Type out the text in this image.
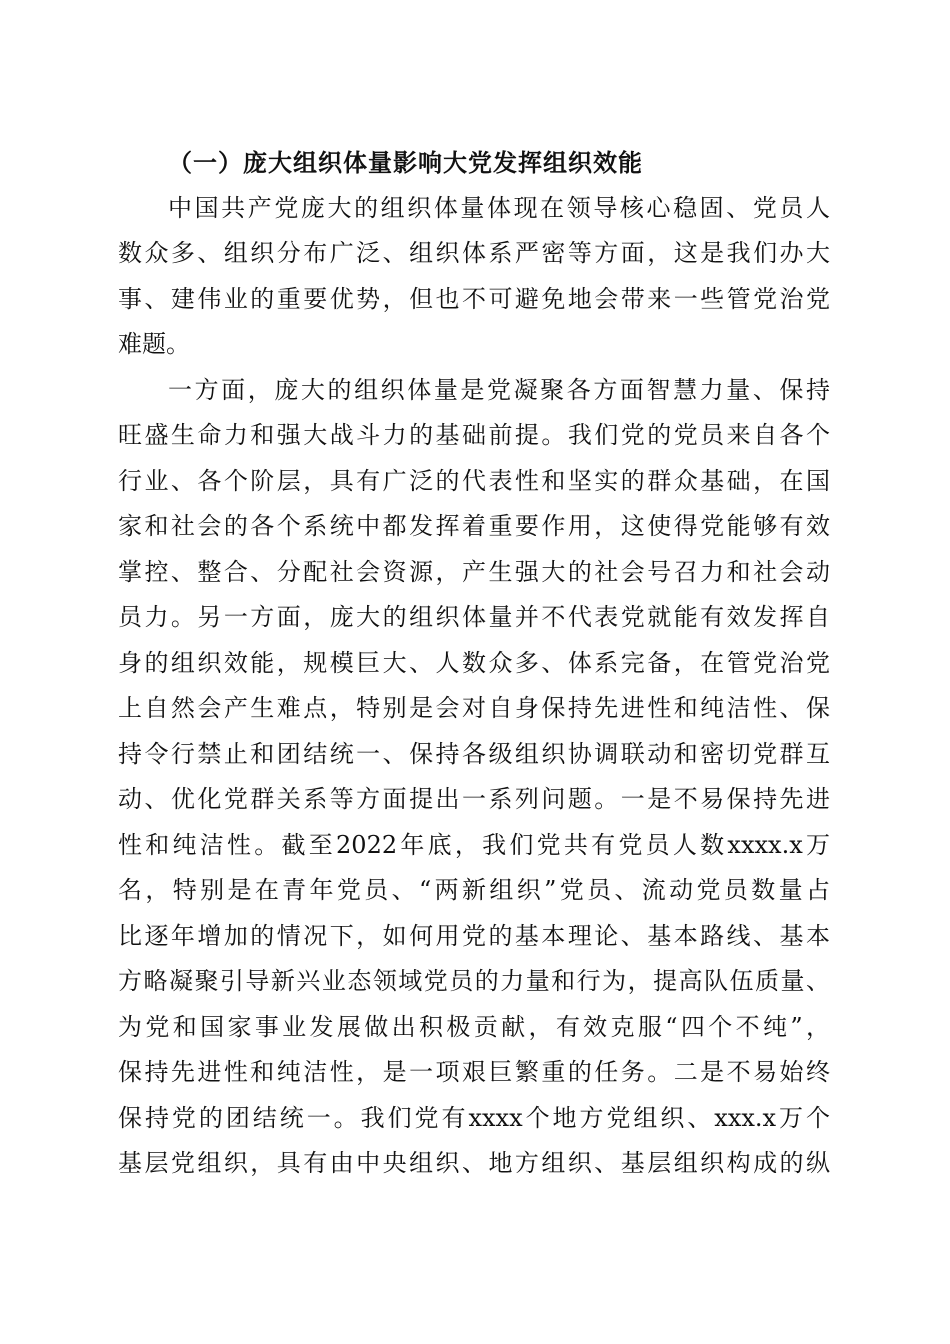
（一）庞大组织体量影响大党发挥组织效能
中国共产党庞大的组织体量体现在领导核心稳固、党员人
数众多、组织分布广泛、组织体系严密等方面，这是我们办大
事、建伟业的重要优势，但也不可避免地会带来一些管党治党
难题。
一方面，庞大的组织体量是党凝聚各方面智慧力量、保持
旺盛生命力和强大战斗力的基础前提。我们党的党员来自各个
行业、各个阶层，具有广泛的代表性和坚实的群众基础，在国
家和社会的各个系统中都发挥着重要作用，这使得党能够有效
掌控、整合、分配社会资源，产生强大的社会号召力和社会动
员力。另一方面，庞大的组织体量并不代表党就能有效发挥自
身的组织效能，规模巨大、人数众多、体系完备，在管党治党
上自然会产生难点，特别是会对自身保持先进性和纯洁性、保
持令行禁止和团结统一、保持各级组织协调联动和密切党群互
动、优化党群关系等方面提出一系列问题。一是不易保持先进
性和纯洁性。截至2022年底，我们党共有党员人数xxxx.x万
名，特别是在青年党员、“两新组织”党员、流动党员数量占
比逐年增加的情况下，如何用党的基本理论、基本路线、基本
方略凝聚引导新兴业态领域党员的力量和行为，提高队伍质量、
为党和国家事业发展做出积极贡献，有效克服“四个不纯”，
保持先进性和纯洁性，是一项艰巨繁重的任务。二是不易始终
保持党的团结统一。我们党有xxxx个地方党组织、xxx.x万个
基层党组织，具有由中央组织、地方组织、基层组织构成的纵
